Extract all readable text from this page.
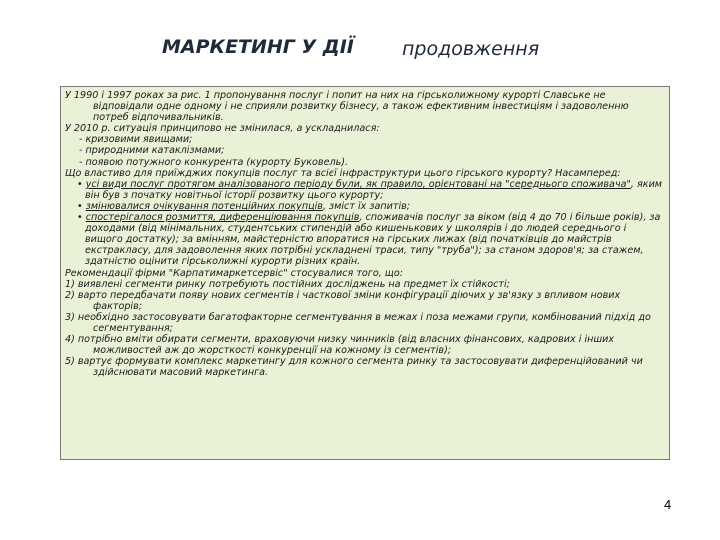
МАРКЕТИНГ У ДІЇ	продовження

У 1990 і 1997 роках за рис. 1 пропонування послуг і попит на них на гірськолижному курорті Славське не відповідали одне одному і не сприяли розвитку бізнесу, а також ефективним інвестиціям і задоволенню потреб відпочивальників.

У 2010 р. ситуація принципово не змінилася, а ускладнилася:

- кризовими явищами;

- природними катаклізмами;

- появою потужного конкурента (курорту Буковель).

Що властиво для приїжджих покупців послуг та всієї інфраструктури цього гірського курорту? Насамперед:

• усі види послуг протягом аналізованого періоду були, як правило, орієнтовані на "середнього споживача", яким він був з початку новітньої історії розвитку цього курорту;

• змінювалися очікування потенційних покупців, зміст їх запитів;

• спостерігалося розмиття, диференціювання покупців, споживачів послуг за віком (від 4 до 70 і більше років), за доходами (від мінімальних, студентських стипендій або кишенькових у школярів і до людей середнього і вищого достатку); за вмінням, майстерністю впоратися на гірських лижах (від початківців до майстрів екстракласу, для задоволення яких потрібні ускладнені траси, типу "труба"); за станом здоров'я; за стажем, здатністю оцінити гірськолижні курорти різних країн.

Рекомендації фірми "Карпатимаркетсервіс" стосувалися того, що:

1) виявлені сегменти ринку потребують постійних досліджень на предмет їх стійкості;

2) варто передбачати появу нових сегментів і часткової зміни конфігурації діючих у зв'язку з впливом нових факторів;

3) необхідно застосовувати багатофакторне сегментування в межах і поза межами групи, комбінований підхід до сегментування;

4) потрібно вміти обирати сегменти, враховуючи низку чинників (від власних фінансових, кадрових і інших можливостей аж до жорсткості конкуренції на кожному із сегментів);

5) вартує формувати комплекс маркетингу для кожного сегмента ринку та застосовувати диференційований чи здійснювати масовий маркетинга.

4
